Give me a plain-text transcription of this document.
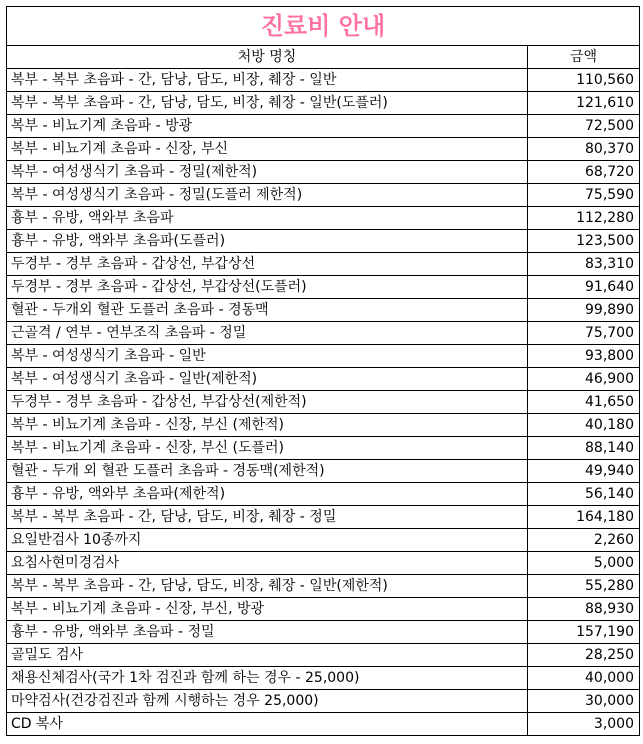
진료비 안내	
처방 명칭	금액
복부 - 복부 초음파 - 간, 담낭, 담도, 비장, 췌장 - 일반	110,560
복부 - 복부 초음파 - 간, 담낭, 담도, 비장, 췌장 - 일반(도플러)	121,610
복부 - 비뇨기계 초음파 - 방광	72,500
복부 - 비뇨기계 초음파 - 신장, 부신	80,370
복부 - 여성생식기 초음파 - 정밀(제한적)	68,720
복부 - 여성생식기 초음파 - 정밀(도플러 제한적)	75,590
흉부 - 유방, 액와부 초음파	112,280
흉부 - 유방, 액와부 초음파(도플러)	123,500
두경부 - 경부 초음파 - 갑상선, 부갑상선	83,310
두경부 - 경부 초음파 - 갑상선, 부갑상선(도플러)	91,640
혈관 - 두개외 혈관 도플러 초음파 - 경동맥	99,890
근골격 / 연부 - 연부조직 초음파 - 정밀	75,700
복부 - 여성생식기 초음파 - 일반	93,800
복부 - 여성생식기 초음파 - 일반(제한적)	46,900
두경부 - 경부 초음파 - 갑상선, 부갑상선(제한적)	41,650
복부 - 비뇨기계 초음파 - 신장, 부신 (제한적)	40,180
복부 - 비뇨기계 초음파 - 신장, 부신 (도플러)	88,140
혈관 - 두개 외 혈관 도플러 초음파 - 경동맥(제한적)	49,940
흉부 - 유방, 액와부 초음파(제한적)	56,140
복부 - 복부 초음파 - 간, 담낭, 담도, 비장, 췌장 - 정밀	164,180
요일반검사 10종까지	2,260
요침사현미경검사	5,000
복부 - 복부 초음파 - 간, 담낭, 담도, 비장, 췌장 - 일반(제한적)	55,280
복부 - 비뇨기계 초음파 - 신장, 부신, 방광	88,930
흉부 - 유방, 액와부 초음파 - 정밀	157,190
골밀도 검사	28,250
채용신체검사(국가 1차 검진과 함께 하는 경우 - 25,000)	40,000
마약검사(건강검진과 함께 시행하는 경우 25,000)	30,000
CD 복사	3,000
